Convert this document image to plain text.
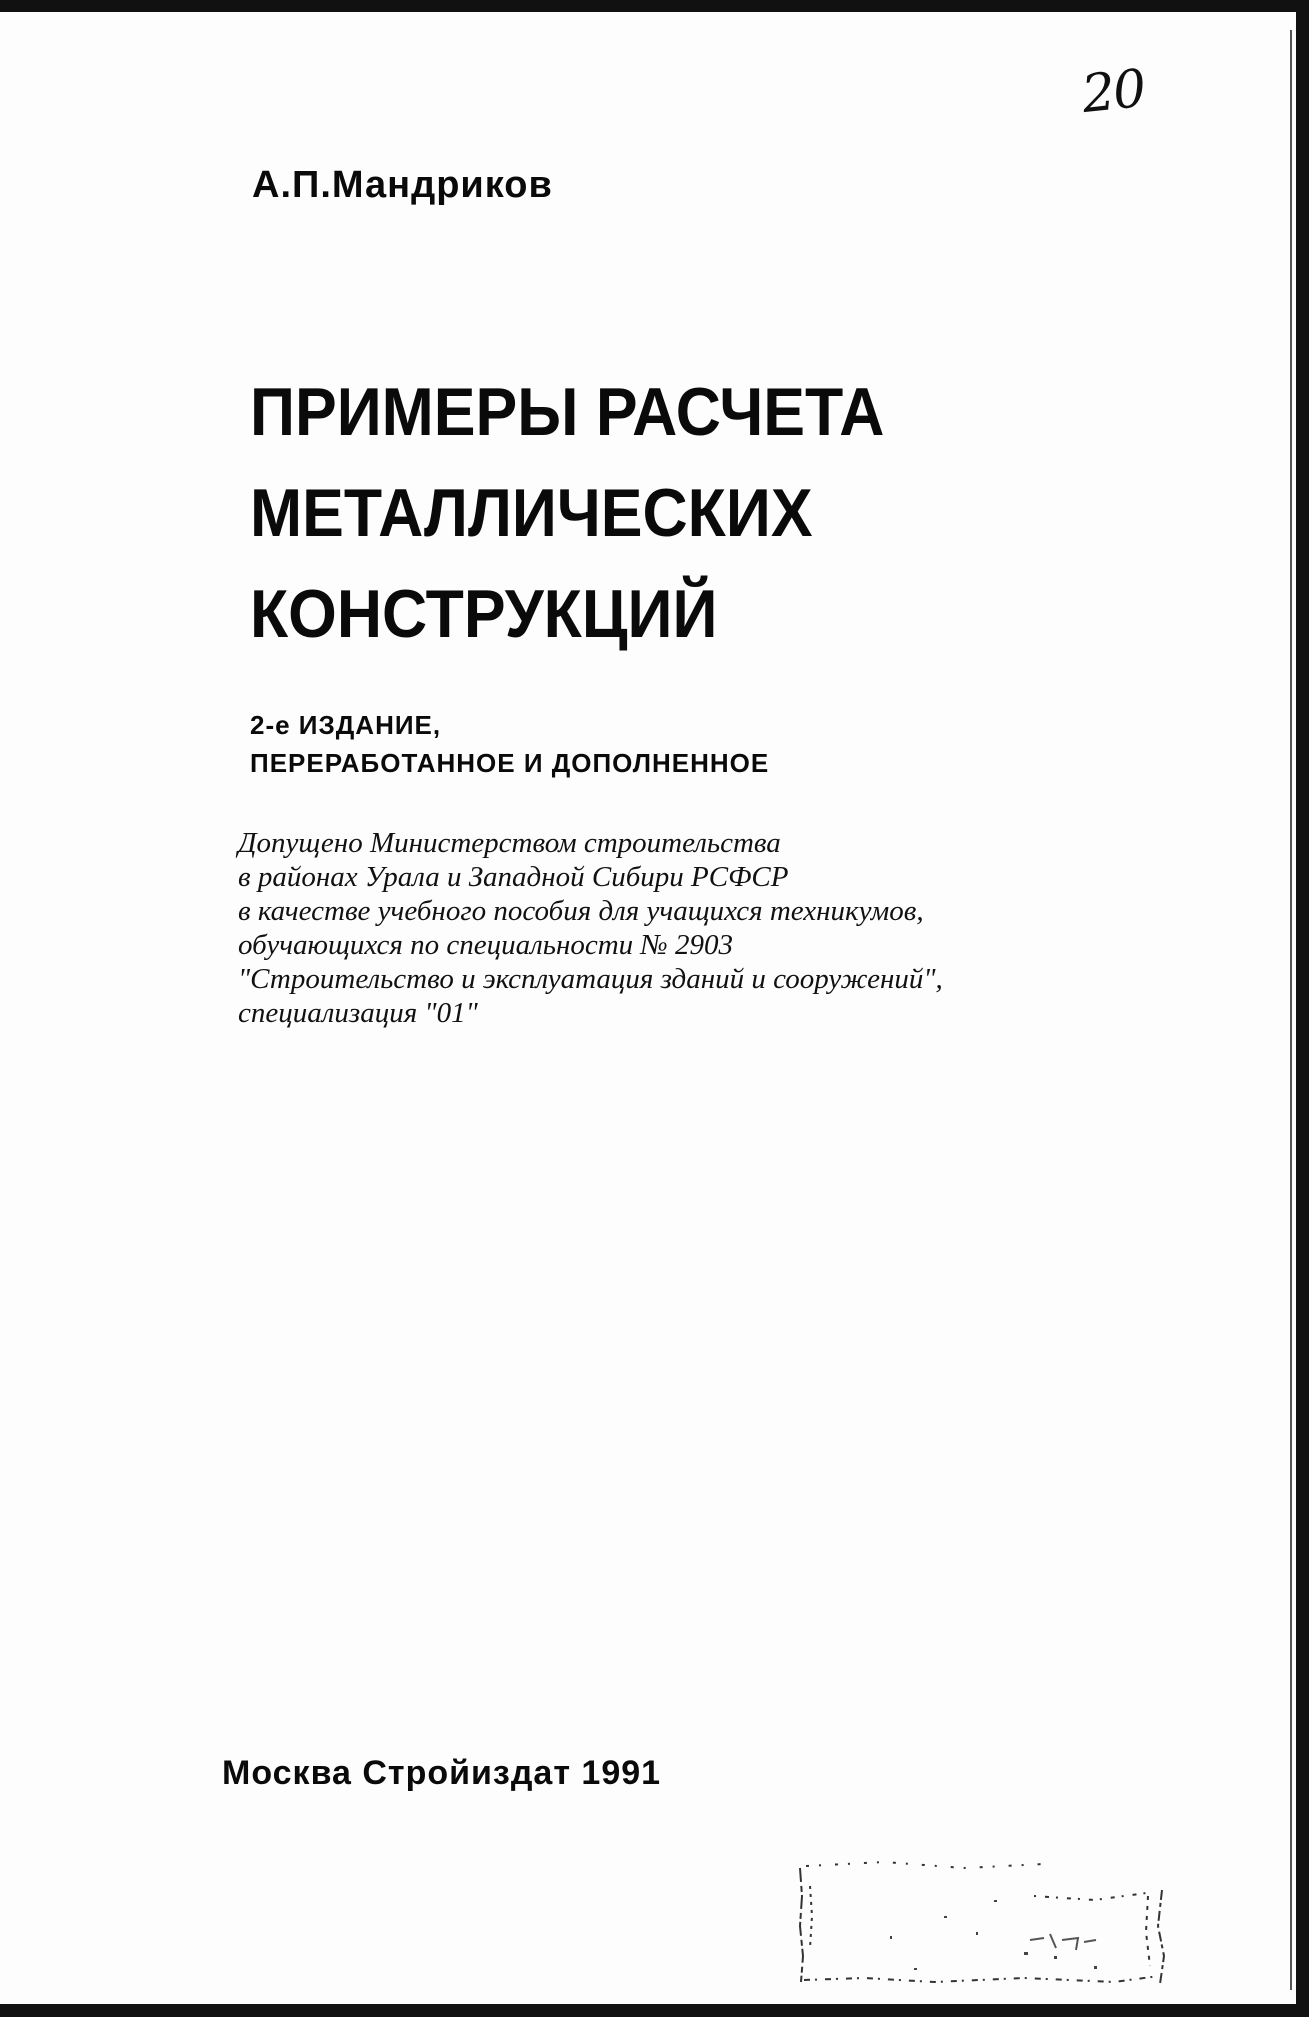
20
А.П.Мандриков
ПРИМЕРЫ РАСЧЕТА
МЕТАЛЛИЧЕСКИХ
КОНСТРУКЦИЙ
2-е ИЗДАНИЕ,
ПЕРЕРАБОТАННОЕ И ДОПОЛНЕННОЕ
Допущено Министерством строительства
в районах Урала и Западной Сибири РСФСР
в качестве учебного пособия для учащихся техникумов,
обучающихся по специальности № 2903
"Строительство и эксплуатация зданий и сооружений",
специализация "01"
Москва Стройиздат 1991
